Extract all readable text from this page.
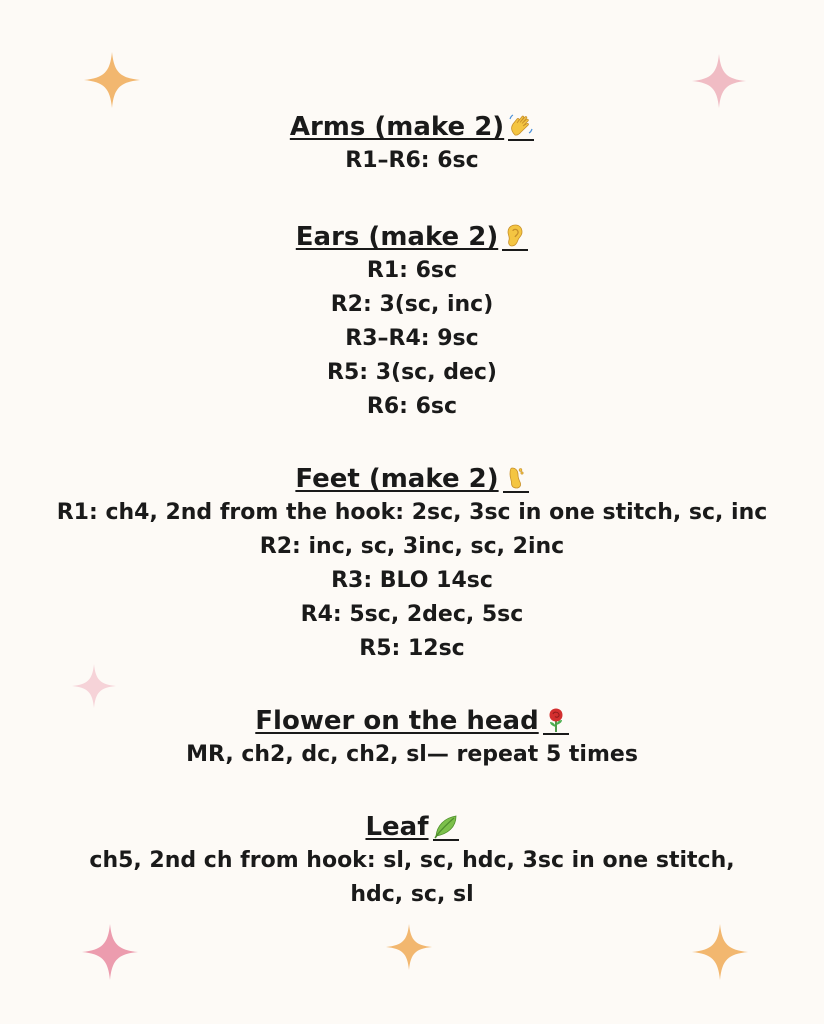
Arms (make 2)

R1–R6: 6sc

Ears (make 2)

R1: 6sc

R2: 3(sc, inc)

R3–R4: 9sc

R5: 3(sc, dec)

R6: 6sc

Feet (make 2)

R1: ch4, 2nd from the hook: 2sc, 3sc in one stitch, sc, inc

R2: inc, sc, 3inc, sc, 2inc

R3: BLO 14sc

R4: 5sc, 2dec, 5sc

R5: 12sc

Flower on the head

MR, ch2, dc, ch2, sl— repeat 5 times

Leaf

ch5, 2nd ch from hook: sl, sc, hdc, 3sc in one stitch, hdc, sc, sl
